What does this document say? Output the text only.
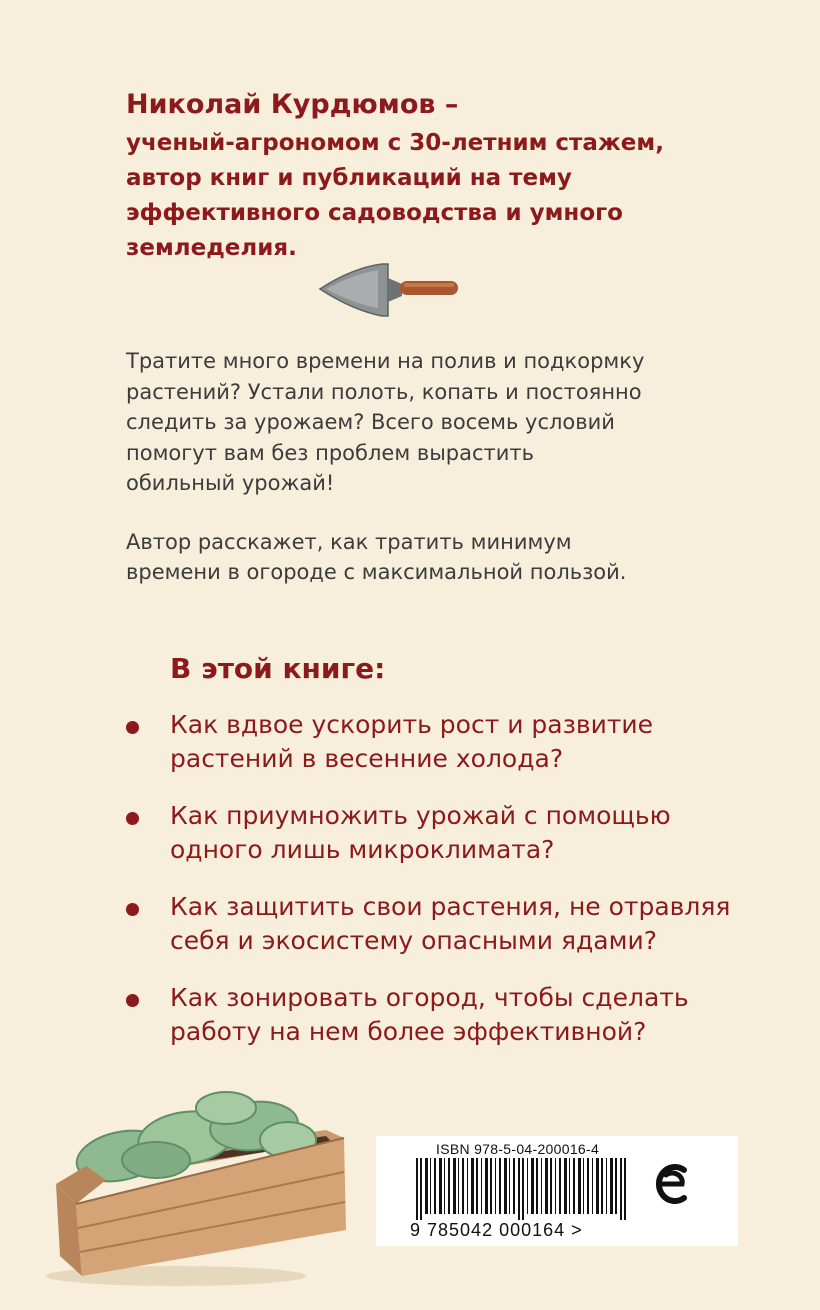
Николай Курдюмов –

ученый-агрономом с 30-летним стажем,
автор книг и публикаций на тему
эффективного садоводства и умного
земледелия.

Тратите много времени на полив и подкормку
растений? Устали полоть, копать и постоянно
следить за урожаем? Всего восемь условий
помогут вам без проблем вырастить
обильный урожай!

Автор расскажет, как тратить минимум
времени в огороде с максимальной пользой.

В этой книге:
Как вдвое ускорить рост и развитие
растений в весенние холода?
Как приумножить урожай с помощью
одного лишь микроклимата?
Как защитить свои растения, не отравляя
себя и экосистему опасными ядами?
Как зонировать огород, чтобы сделать
работу на нем более эффективной?
ISBN 978-5-04-200016-4
9 785042 000164 >
